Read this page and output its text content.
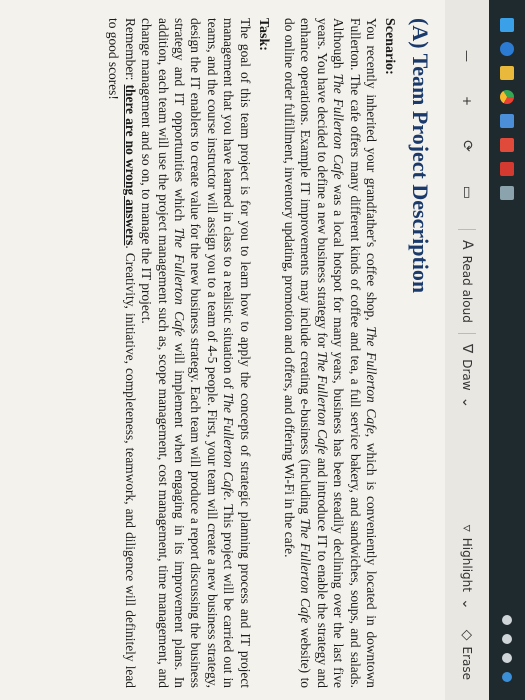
—
+
⟳
▭
A
Read aloud
∇
Draw
⌄
▿
Highlight
⌄
◇
Erase
(A) Team Project Description
Scenario:

You recently inherited your grandfather's coffee shop, The Fullerton Cafe, which is conveniently located in downtown Fullerton. The cafe offers many different kinds of coffee and tea, a full service bakery, and sandwiches, soups, and salads. Although The Fullerton Cafe was a local hotspot for many years, business has been steadily declining over the last five years. You have decided to define a new business strategy for The Fullerton Cafe and introduce IT to enable the strategy and enhance operations. Example IT improvements may include creating e-business (including The Fullerton Cafe website) to do online order fulfillment, inventory updating, promotion and offers, and offering Wi-Fi in the cafe.

Task:

The goal of this team project is for you to learn how to apply the concepts of strategic planning process and IT project management that you have learned in class to a realistic situation of The Fullerton Cafe. This project will be carried out in teams, and the course instructor will assign you to a team of 4-5 people. First, your team will create a new business strategy, design the IT enablers to create value for the new business strategy. Each team will produce a report discussing the business strategy and IT opportunities which The Fullerton Cafe will implement when engaging in its improvement plans. In addition, each team will use the project management such as, scope management, cost management, time management, and change management and so on, to manage the IT project.
Remember: there are no wrong answers. Creativity, initiative, completeness, teamwork, and diligence will definitely lead to good scores!
